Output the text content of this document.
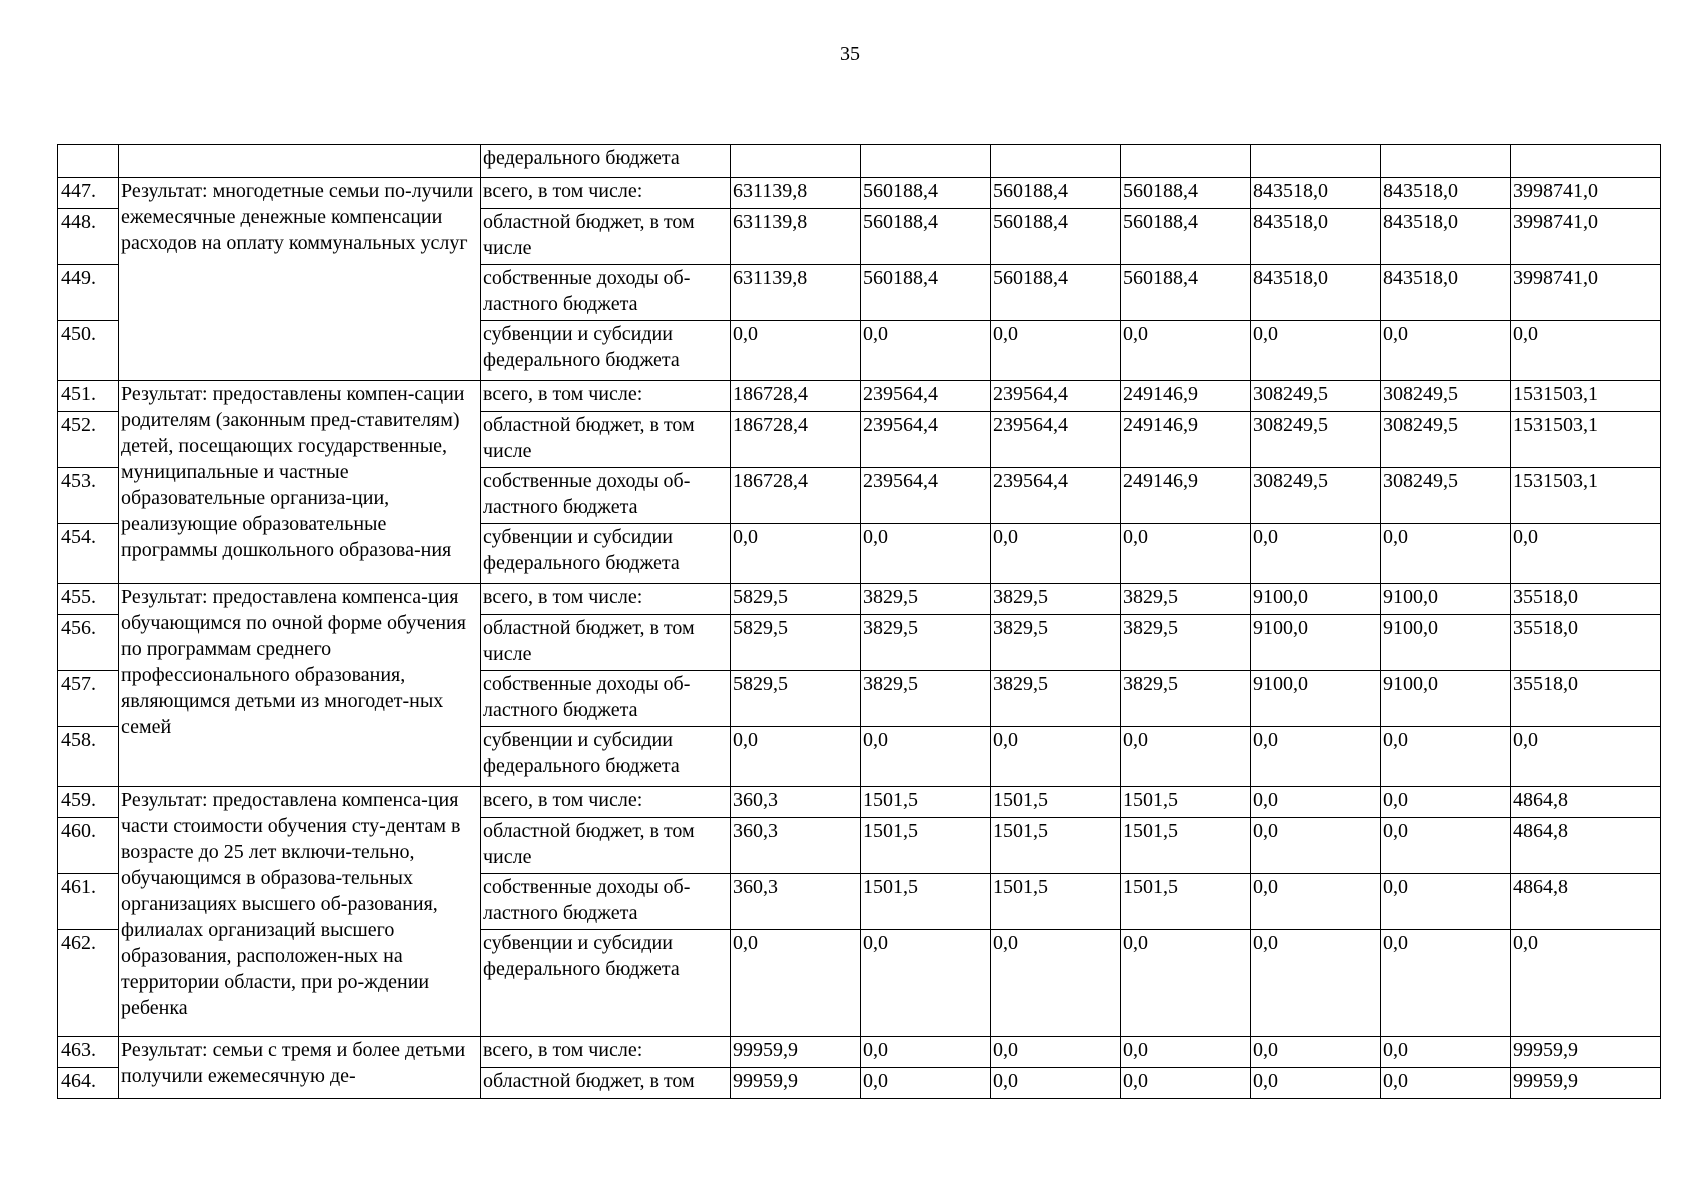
35
		федерального бюджета							
447.	Результат: многодетные семьи по-лучили ежемесячные денежные компенсации расходов на оплату коммунальных услуг	всего, в том числе:	631139,8	560188,4	560188,4	560188,4	843518,0	843518,0	3998741,0
448.		областной бюджет, в том числе	631139,8	560188,4	560188,4	560188,4	843518,0	843518,0	3998741,0
449.		собственные доходы об-ластного бюджета	631139,8	560188,4	560188,4	560188,4	843518,0	843518,0	3998741,0
450.		субвенции и субсидии федерального бюджета	0,0	0,0	0,0	0,0	0,0	0,0	0,0
451.	Результат: предоставлены компен-сации родителям (законным пред-ставителям) детей, посещающих государственные, муниципальные и частные образовательные организа-ции, реализующие образовательные программы дошкольного образова-ния	всего, в том числе:	186728,4	239564,4	239564,4	249146,9	308249,5	308249,5	1531503,1
452.		областной бюджет, в том числе	186728,4	239564,4	239564,4	249146,9	308249,5	308249,5	1531503,1
453.		собственные доходы об-ластного бюджета	186728,4	239564,4	239564,4	249146,9	308249,5	308249,5	1531503,1
454.		субвенции и субсидии федерального бюджета	0,0	0,0	0,0	0,0	0,0	0,0	0,0
455.	Результат: предоставлена компенса-ция обучающимся по очной форме обучения по программам среднего профессионального образования, являющимся детьми из многодет-ных семей	всего, в том числе:	5829,5	3829,5	3829,5	3829,5	9100,0	9100,0	35518,0
456.		областной бюджет, в том числе	5829,5	3829,5	3829,5	3829,5	9100,0	9100,0	35518,0
457.		собственные доходы об-ластного бюджета	5829,5	3829,5	3829,5	3829,5	9100,0	9100,0	35518,0
458.		субвенции и субсидии федерального бюджета	0,0	0,0	0,0	0,0	0,0	0,0	0,0
459.	Результат: предоставлена компенса-ция части стоимости обучения сту-дентам в возрасте до 25 лет включи-тельно, обучающимся в образова-тельных организациях высшего об-разования, филиалах организаций высшего образования, расположен-ных на территории области, при ро-ждении ребенка	всего, в том числе:	360,3	1501,5	1501,5	1501,5	0,0	0,0	4864,8
460.		областной бюджет, в том числе	360,3	1501,5	1501,5	1501,5	0,0	0,0	4864,8
461.		собственные доходы об-ластного бюджета	360,3	1501,5	1501,5	1501,5	0,0	0,0	4864,8
462.		субвенции и субсидии федерального бюджета	0,0	0,0	0,0	0,0	0,0	0,0	0,0
463.	Результат: семьи с тремя и более детьми получили ежемесячную де-	всего, в том числе:	99959,9	0,0	0,0	0,0	0,0	0,0	99959,9
464.		областной бюджет, в том	99959,9	0,0	0,0	0,0	0,0	0,0	99959,9
